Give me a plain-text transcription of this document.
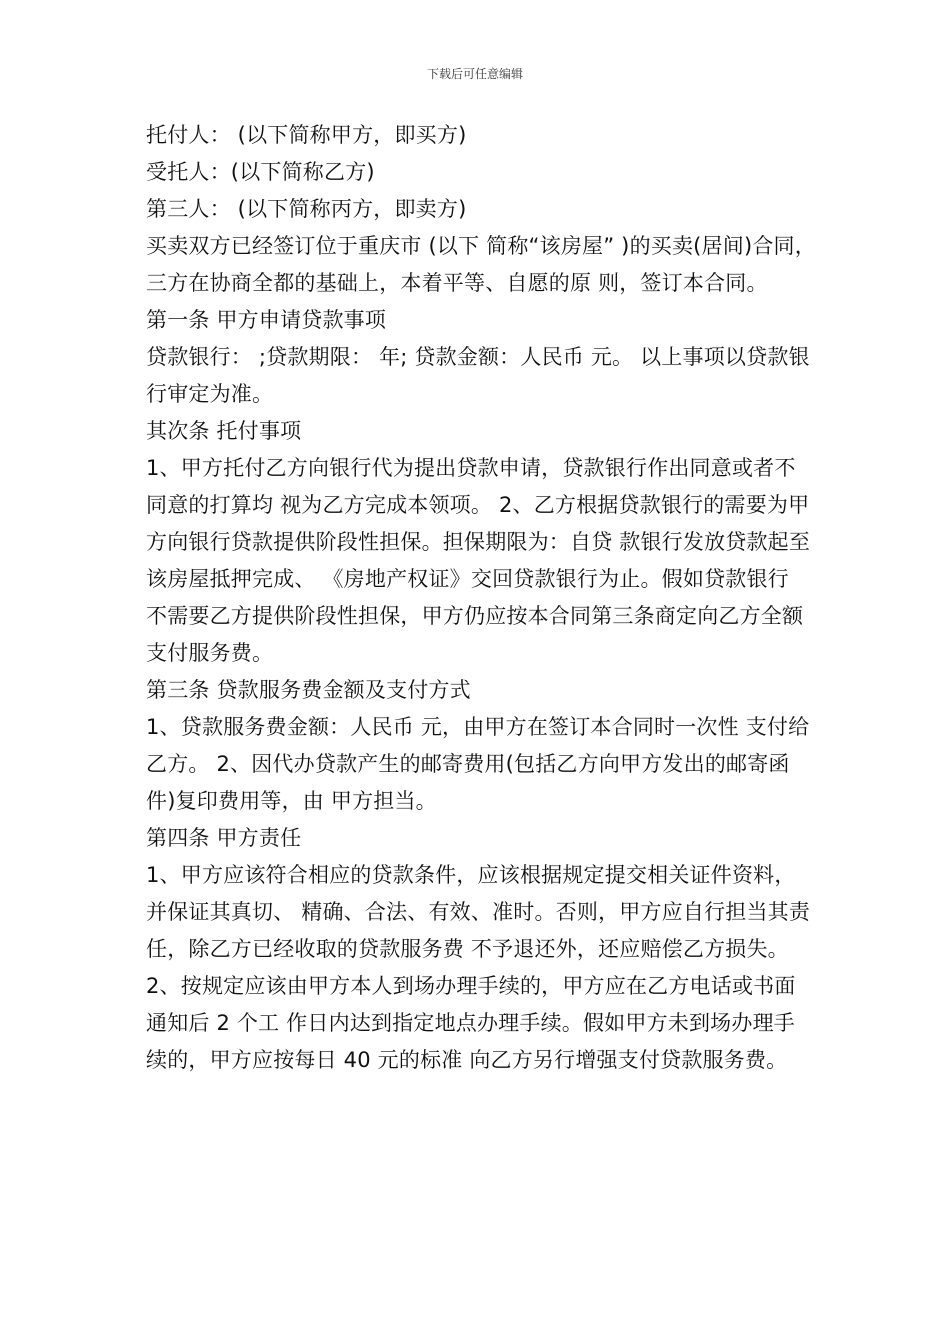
下载后可任意编辑

托付人： (以下简称甲方，即买方)

受托人：(以下简称乙方)

第三人： (以下简称丙方，即卖方)

买卖双方已经签订位于重庆市 (以下 简称“该房屋” )的买卖(居间)合同，三方在协商全都的基础上，本着平等、自愿的原 则，签订本合同。

第一条 甲方申请贷款事项

贷款银行： ;贷款期限： 年; 贷款金额：人民币 元。 以上事项以贷款银行审定为准。

其次条 托付事项

1、甲方托付乙方向银行代为提出贷款申请，贷款银行作出同意或者不同意的打算均 视为乙方完成本领项。 2、乙方根据贷款银行的需要为甲方向银行贷款提供阶段性担保。担保期限为：自贷 款银行发放贷款起至该房屋抵押完成、 《房地产权证》交回贷款银行为止。假如贷款银行 不需要乙方提供阶段性担保，甲方仍应按本合同第三条商定向乙方全额支付服务费。

第三条 贷款服务费金额及支付方式

1、贷款服务费金额：人民币 元，由甲方在签订本合同时一次性 支付给乙方。 2、因代办贷款产生的邮寄费用(包括乙方向甲方发出的邮寄函件)复印费用等，由 甲方担当。

第四条 甲方责任

1、甲方应该符合相应的贷款条件，应该根据规定提交相关证件资料，并保证其真切、 精确、合法、有效、准时。否则，甲方应自行担当其责任，除乙方已经收取的贷款服务费 不予退还外，还应赔偿乙方损失。

2、按规定应该由甲方本人到场办理手续的，甲方应在乙方电话或书面通知后 2 个工 作日内达到指定地点办理手续。假如甲方未到场办理手续的，甲方应按每日 40 元的标准 向乙方另行增强支付贷款服务费。
